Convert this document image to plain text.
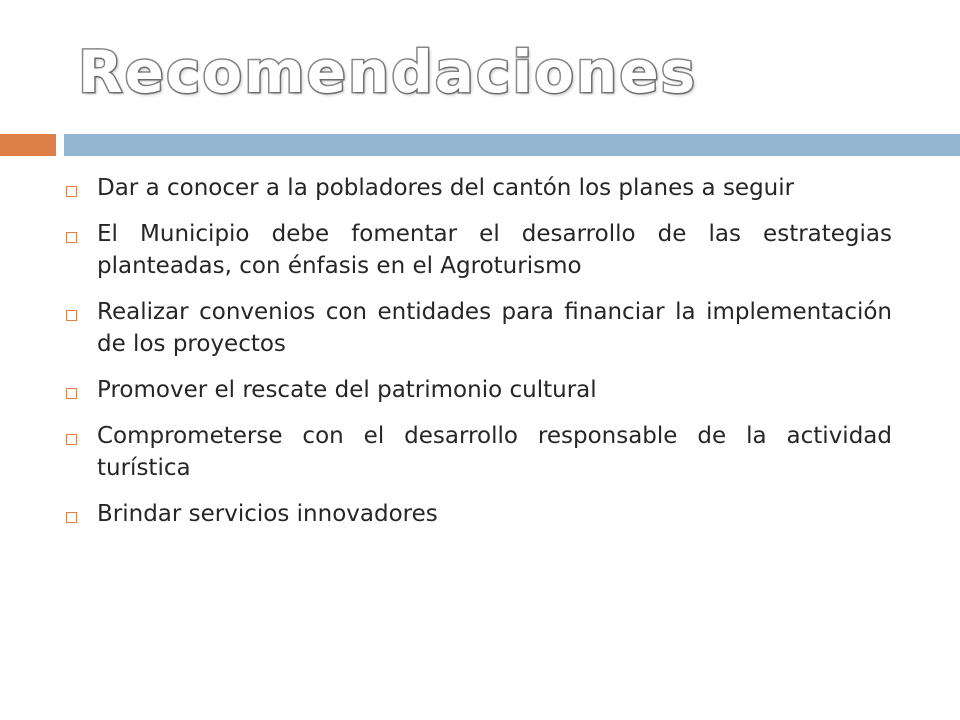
Recomendaciones
Dar a conocer a la pobladores del cantón los planes a seguir
El Municipio debe fomentar el desarrollo de las estrategias planteadas, con énfasis en el Agroturismo
Realizar convenios con entidades para financiar la implementación de los proyectos
Promover el rescate del patrimonio cultural
Comprometerse con el desarrollo responsable de la actividad turística
Brindar servicios innovadores
